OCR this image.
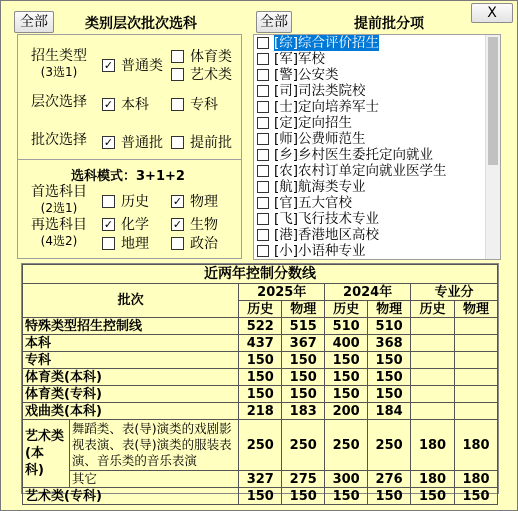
全部	类别层次批次选科
招生类型
(3选1)	✓ 普通类
体育类
艺术类
层次选择	✓ 本科	专科
批次选择	✓ 普通批 提前批
选科模式：3+1+2
首选科目
(2选1)	历史 ✓ 物理
再选科目
(4选2)
✓ 化学 ✓ 生物
地理	政治
全部	提前批分项
X
[综]综合评价招生
[军]军校
[警]公安类
[司]司法类院校
[士]定向培养军士
[定]定向招生
[师]公费师范生
[乡]乡村医生委托定向就业
[农]农村订单定向就业医学生
[航]航海类专业
[官]五大官校
[飞]飞行技术专业
[港]香港地区高校
[小]小语种专业
近两年控制分数线							
批次		2025年		2024年		专业分	
		历史	物理	历史	物理	历史	物理
特殊类型招生控制线		522	515	510	510		
本科		437	367	400	368		
专科		150	150	150	150		
体育类(本科)		150	150	150	150		
体育类(专科)		150	150	150	150		
戏曲类(本科)		218	183	200	184		

艺术类
(本
科)	舞蹈类、表(导)演类的戏剧影视表演、表(导)演类的服装表演、音乐类的音乐表演	250	250	250	250	180	180
	其它	327	275	300	276	180	180
艺术类(专科)		150	150	150	150	150	150
